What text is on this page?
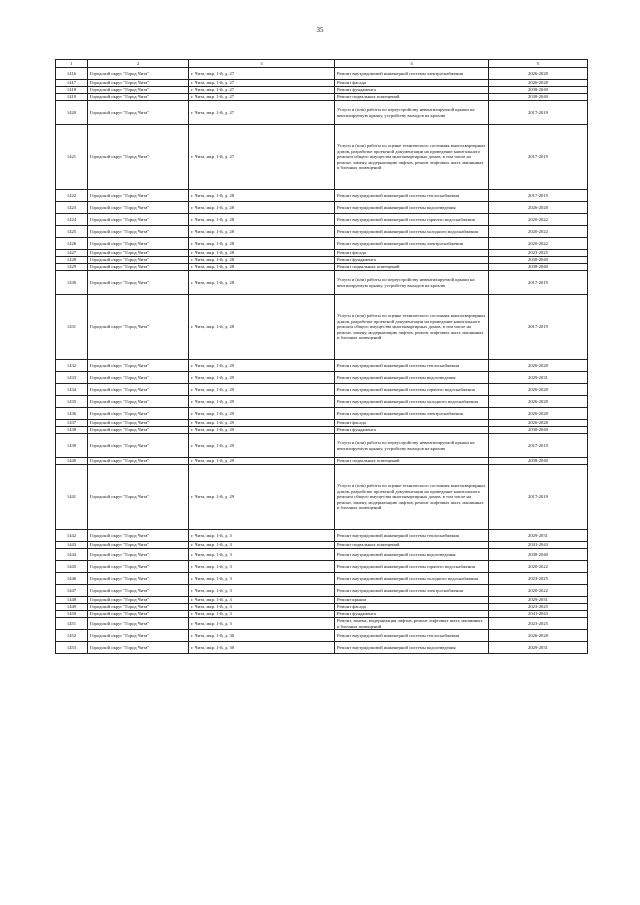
35
1	2	3	4	5
1416	Городской округ "Город Чита"	г. Чита, мкр. 1-й, д. 27	Ремонт внутридомовой инженерной системы электроснабжения	2026-2028
1417	Городской округ "Город Чита"	г. Чита, мкр. 1-й, д. 27	Ремонт фасада	2026-2028
1418	Городской округ "Город Чита"	г. Чита, мкр. 1-й, д. 27	Ремонт фундамента	2038-2040
1419	Городской округ "Город Чита"	г. Чита, мкр. 1-й, д. 27	Ремонт подвальных помещений	2038-2040
1420	Городской округ "Город Чита"	г. Чита, мкр. 1-й, д. 27	Услуги и (или) работы по переустройству невентилируемой крыши на вентилируемую крышу, устройству выходов на кровлю	2017-2019
1421	Городской округ "Город Чита"	г. Чита, мкр. 1-й, д. 27	Услуги и (или) работы по оценке технического состояния многоквартирных домов, разработке проектной документации на проведение капитального ремонта общего имущества многоквартирных домов, в том числе на ремонт, замену, модернизацию лифтов, ремонт лифтовых шахт, машинных и блочных помещений	2017-2019
1422	Городской округ "Город Чита"	г. Чита, мкр. 1-й, д. 28	Ремонт внутридомовой инженерной системы теплоснабжения	2017-2019
1423	Городской округ "Город Чита"	г. Чита, мкр. 1-й, д. 28	Ремонт внутридомовой инженерной системы водоотведения	2026-2028
1424	Городской округ "Город Чита"	г. Чита, мкр. 1-й, д. 28	Ремонт внутридомовой инженерной системы горячего водоснабжения	2020-2022
1425	Городской округ "Город Чита"	г. Чита, мкр. 1-й, д. 28	Ремонт внутридомовой инженерной системы холодного водоснабжения	2020-2022
1426	Городской округ "Город Чита"	г. Чита, мкр. 1-й, д. 28	Ремонт внутридомовой инженерной системы электроснабжения	2020-2022
1427	Городской округ "Город Чита"	г. Чита, мкр. 1-й, д. 28	Ремонт фасада	2023-2025
1428	Городской округ "Город Чита"	г. Чита, мкр. 1-й, д. 28	Ремонт фундамента	2038-2040
1429	Городской округ "Город Чита"	г. Чита, мкр. 1-й, д. 28	Ремонт подвальных помещений	2038-2040
1430	Городской округ "Город Чита"	г. Чита, мкр. 1-й, д. 28	Услуги и (или) работы по переустройству невентилируемой крыши на вентилируемую крышу, устройству выходов на кровлю	2017-2019
1431	Городской округ "Город Чита"	г. Чита, мкр. 1-й, д. 28	Услуги и (или) работы по оценке технического состояния многоквартирных домов, разработке проектной документации на проведение капитального ремонта общего имущества многоквартирных домов, в том числе на ремонт, замену, модернизацию лифтов, ремонт лифтовых шахт, машинных и блочных помещений	2017-2019
1432	Городской округ "Город Чита"	г. Чита, мкр. 1-й, д. 29	Ремонт внутридомовой инженерной системы теплоснабжения	2026-2028
1433	Городской округ "Город Чита"	г. Чита, мкр. 1-й, д. 29	Ремонт внутридомовой инженерной системы водоотведения	2029-2031
1434	Городской округ "Город Чита"	г. Чита, мкр. 1-й, д. 29	Ремонт внутридомовой инженерной системы горячего водоснабжения	2026-2028
1435	Городской округ "Город Чита"	г. Чита, мкр. 1-й, д. 29	Ремонт внутридомовой инженерной системы холодного водоснабжения	2026-2028
1436	Городской округ "Город Чита"	г. Чита, мкр. 1-й, д. 29	Ремонт внутридомовой инженерной системы электроснабжения	2026-2028
1437	Городской округ "Город Чита"	г. Чита, мкр. 1-й, д. 29	Ремонт фасада	2026-2028
1438	Городской округ "Город Чита"	г. Чита, мкр. 1-й, д. 29	Ремонт фундамента	2038-2040
1439	Городской округ "Город Чита"	г. Чита, мкр. 1-й, д. 29	Услуги и (или) работы по переустройству невентилируемой крыши на вентилируемую крышу, устройству выходов на кровлю	2017-2019
1440	Городской округ "Город Чита"	г. Чита, мкр. 1-й, д. 29	Ремонт подвальных помещений	2038-2040
1441	Городской округ "Город Чита"	г. Чита, мкр. 1-й, д. 29	Услуги и (или) работы по оценке технического состояния многоквартирных домов, разработке проектной документации на проведение капитального ремонта общего имущества многоквартирных домов, в том числе на ремонт, замену, модернизацию лифтов, ремонт лифтовых шахт, машинных и блочных помещений	2017-2019
1442	Городской округ "Город Чита"	г. Чита, мкр. 1-й, д. 3	Ремонт внутридомовой инженерной системы теплоснабжения	2029-2031
1443	Городской округ "Город Чита"	г. Чита, мкр. 1-й, д. 3	Ремонт подвальных помещений	2041-2043
1444	Городской округ "Город Чита"	г. Чита, мкр. 1-й, д. 3	Ремонт внутридомовой инженерной системы водоотведения	2038-2040
1445	Городской округ "Город Чита"	г. Чита, мкр. 1-й, д. 3	Ремонт внутридомовой инженерной системы горячего водоснабжения	2020-2022
1446	Городской округ "Город Чита"	г. Чита, мкр. 1-й, д. 3	Ремонт внутридомовой инженерной системы холодного водоснабжения	2023-2025
1447	Городской округ "Город Чита"	г. Чита, мкр. 1-й, д. 3	Ремонт внутридомовой инженерной системы электроснабжения	2020-2022
1448	Городской округ "Город Чита"	г. Чита, мкр. 1-й, д. 3	Ремонт крыши	2029-2031
1449	Городской округ "Город Чита"	г. Чита, мкр. 1-й, д. 3	Ремонт фасада	2023-2025
1450	Городской округ "Город Чита"	г. Чита, мкр. 1-й, д. 3	Ремонт фундамента	2041-2043
1451	Городской округ "Город Чита"	г. Чита, мкр. 1-й, д. 3	Ремонт, замена, модернизация лифтов, ремонт лифтовых шахт, машинных и блочных помещений	2023-2025
1452	Городской округ "Город Чита"	г. Чита, мкр. 1-й, д. 30	Ремонт внутридомовой инженерной системы теплоснабжения	2026-2028
1453	Городской округ "Город Чита"	г. Чита, мкр. 1-й, д. 30	Ремонт внутридомовой инженерной системы водоотведения	2029-2031
